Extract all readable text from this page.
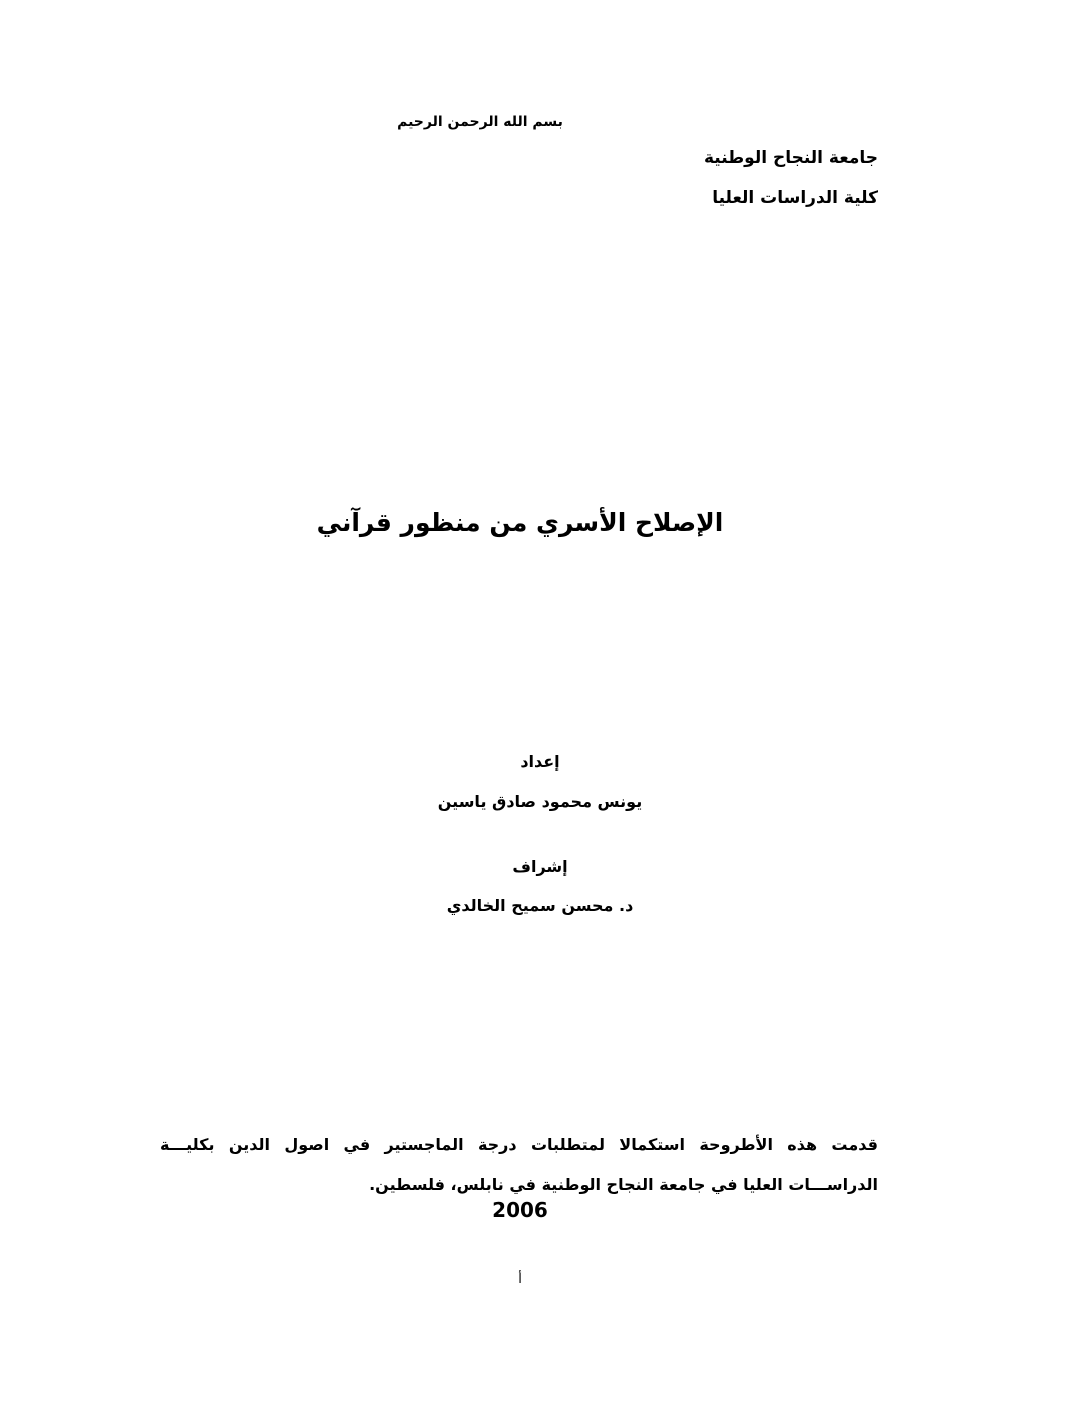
بسم الله الرحمن الرحيم
جامعة النجاح الوطنية
كلية الدراسات العليا
الإصلاح الأسري من منظور قرآني
إعداد
يونس محمود صادق ياسين
إشراف
د. محسن سميح الخالدي
قدمت هذه الأطروحة استكمالا لمتطلبات درجة الماجستير في اصول الدين بكليـــة الدراســـات العليا في جامعة النجاح الوطنية في نابلس، فلسطين.
2006
أ
